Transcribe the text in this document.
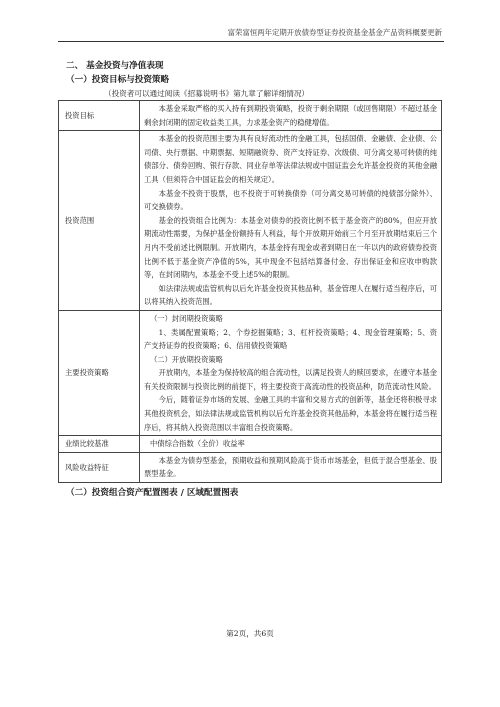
富荣富恒两年定期开放债券型证券投资基金基金产品资料概要更新
二、 基金投资与净值表现
（一）投资目标与投资策略
（投资者可以通过阅读《招募说明书》第九章了解详细情况）
投资目标	本基金采取严格的买入持有到期投资策略，投资于剩余期限（或回售期限）不超过基金剩余封闭期的固定收益类工具，力求基金资产的稳健增值。

投资范围	本基金的投资范围主要为具有良好流动性的金融工具，包括国债、金融债、企业债、公司债、央行票据、中期票据、短期融资券、资产支持证券、次级债、可分离交易可转债的纯债部分、债券回购、银行存款、同业存单等法律法规或中国证监会允许基金投资的其他金融工具（但须符合中国证监会的相关规定）。

本基金不投资于股票，也不投资于可转换债券（可分离交易可转债的纯债部分除外）、可交换债券。

基金的投资组合比例为：本基金对债券的投资比例不低于基金资产的80%，但应开放期流动性需要，为保护基金份额持有人利益，每个开放期开始前三个月至开放期结束后三个月内不受前述比例限制。开放期内，本基金持有现金或者到期日在一年以内的政府债券投资比例不低于基金资产净值的5%，其中现金不包括结算备付金、存出保证金和应收申购款等，在封闭期内，本基金不受上述5%的限制。

如法律法规或监管机构以后允许基金投资其他品种，基金管理人在履行适当程序后，可以将其纳入投资范围。

主要投资策略	（一）封闭期投资策略

1、类属配置策略；2、个券挖掘策略；3、杠杆投资策略；4、现金管理策略；5、资产支持证券的投资策略；6、信用债投资策略

（二）开放期投资策略

开放期内，本基金为保持较高的组合流动性，以满足投资人的赎回要求，在遵守本基金有关投资限制与投资比例的前提下，将主要投资于高流动性的投资品种，防范流动性风险。

今后，随着证券市场的发展、金融工具的丰富和交易方式的创新等，基金还将积极寻求其他投资机会，如法律法规或监管机构以后允许基金投资其他品种，本基金将在履行适当程序后，将其纳入投资范围以丰富组合投资策略。

业绩比较基准	中债综合指数（全价）收益率

风险收益特征	本基金为债券型基金，预期收益和预期风险高于货币市场基金，但低于混合型基金、股票型基金。

（二）投资组合资产配置图表 / 区域配置图表
第2页，共6页
